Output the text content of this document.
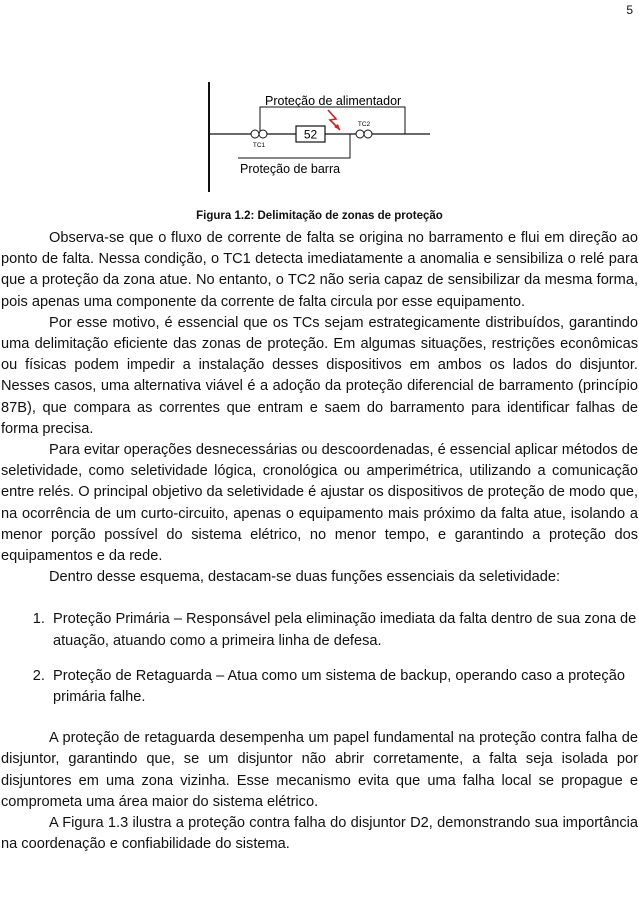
5
52
Proteção de alimentador
Proteção de barra
TC1
TC2
Figura 1.2: Delimitação de zonas de proteção

Observa-se que o fluxo de corrente de falta se origina no barramento e flui em direção ao ponto de falta. Nessa condição, o TC1 detecta imediatamente a anomalia e sensibiliza o relé para que a proteção da zona atue. No entanto, o TC2 não seria capaz de sensibilizar da mesma forma, pois apenas uma componente da corrente de falta circula por esse equipamento.

Por esse motivo, é essencial que os TCs sejam estrategicamente distribuídos, garantindo uma delimitação eficiente das zonas de proteção. Em algumas situações, restrições econômicas ou físicas podem impedir a instalação desses dispositivos em ambos os lados do disjuntor. Nesses casos, uma alternativa viável é a adoção da proteção diferencial de barramento (princípio 87B), que compara as correntes que entram e saem do barramento para identificar falhas de forma precisa.

Para evitar operações desnecessárias ou descoordenadas, é essencial aplicar métodos de seletividade, como seletividade lógica, cronológica ou amperimétrica, utilizando a comunicação entre relés. O principal objetivo da seletividade é ajustar os dispositivos de proteção de modo que, na ocorrência de um curto-circuito, apenas o equipamento mais próximo da falta atue, isolando a menor porção possível do sistema elétrico, no menor tempo, e garantindo a proteção dos equipamentos e da rede.

Dentro desse esquema, destacam-se duas funções essenciais da seletividade:

1. Proteção Primária – Responsável pela eliminação imediata da falta dentro de sua zona de atuação, atuando como a primeira linha de defesa.
2. Proteção de Retaguarda – Atua como um sistema de backup, operando caso a proteção primária falhe.

A proteção de retaguarda desempenha um papel fundamental na proteção contra falha de disjuntor, garantindo que, se um disjuntor não abrir corretamente, a falta seja isolada por disjuntores em uma zona vizinha. Esse mecanismo evita que uma falha local se propague e comprometa uma área maior do sistema elétrico.

A Figura 1.3 ilustra a proteção contra falha do disjuntor D2, demonstrando sua importância na coordenação e confiabilidade do sistema.
